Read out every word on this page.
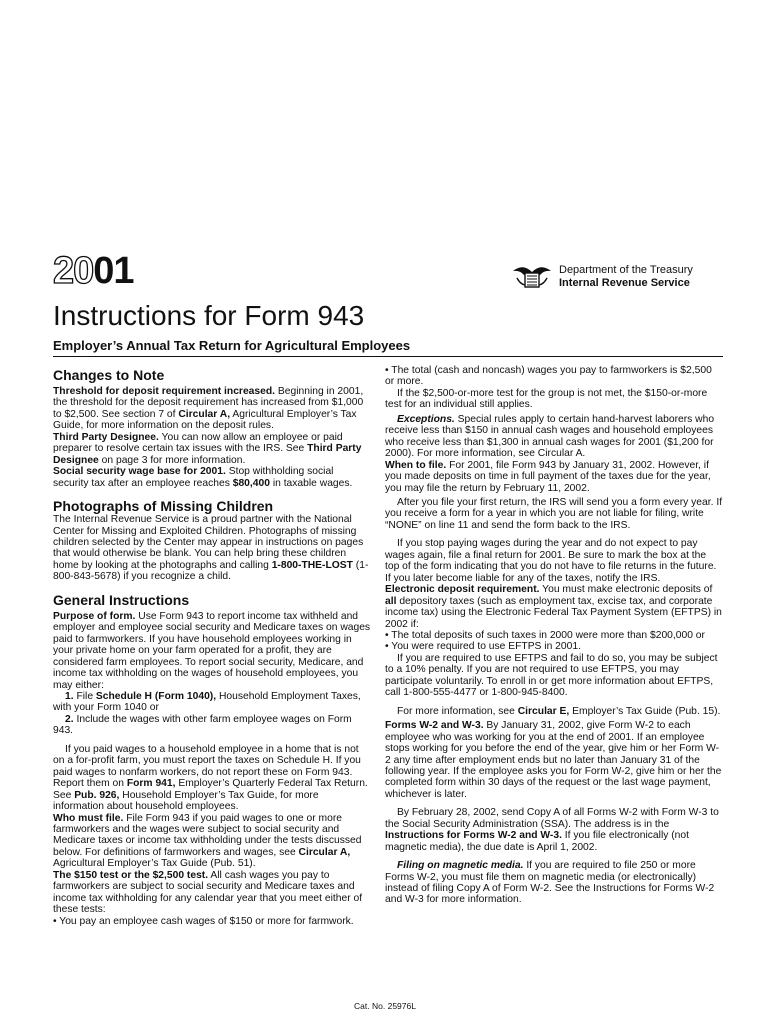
2001	Department of the Treasury
Internal Revenue Service
Instructions for Form 943
Employer’s Annual Tax Return for Agricultural Employees
Changes to Note

Threshold for deposit requirement increased. Beginning in 2001, the threshold for the deposit requirement has increased from $1,000 to $2,500. See section 7 of Circular A, Agricultural Employer’s Tax Guide, for more information on the deposit rules.

Third Party Designee. You can now allow an employee or paid preparer to resolve certain tax issues with the IRS. See Third Party Designee on page 3 for more information.

Social security wage base for 2001. Stop withholding social security tax after an employee reaches $80,400 in taxable wages.

Photographs of Missing Children

The Internal Revenue Service is a proud partner with the National Center for Missing and Exploited Children. Photographs of missing children selected by the Center may appear in instructions on pages that would otherwise be blank. You can help bring these children home by looking at the photographs and calling 1-800-THE-LOST (1-800-843-5678) if you recognize a child.

General Instructions

Purpose of form. Use Form 943 to report income tax withheld and employer and employee social security and Medicare taxes on wages paid to farmworkers. If you have household employees working in your private home on your farm operated for a profit, they are considered farm employees. To report social security, Medicare, and income tax withholding on the wages of household employees, you may either:

1. File Schedule H (Form 1040), Household Employment Taxes, with your Form 1040 or

2. Include the wages with other farm employee wages on Form 943.

If you paid wages to a household employee in a home that is not on a for-profit farm, you must report the taxes on Schedule H. If you paid wages to nonfarm workers, do not report these on Form 943. Report them on Form 941, Employer’s Quarterly Federal Tax Return. See Pub. 926, Household Employer’s Tax Guide, for more information about household employees.

Who must file. File Form 943 if you paid wages to one or more farmworkers and the wages were subject to social security and Medicare taxes or income tax withholding under the tests discussed below. For definitions of farmworkers and wages, see Circular A, Agricultural Employer’s Tax Guide (Pub. 51).

The $150 test or the $2,500 test. All cash wages you pay to farmworkers are subject to social security and Medicare taxes and income tax withholding for any calendar year that you meet either of these tests:

• You pay an employee cash wages of $150 or more for farmwork.

• The total (cash and noncash) wages you pay to farmworkers is $2,500 or more.

If the $2,500-or-more test for the group is not met, the $150-or-more test for an individual still applies.

Exceptions. Special rules apply to certain hand-harvest laborers who receive less than $150 in annual cash wages and household employees who receive less than $1,300 in annual cash wages for 2001 ($1,200 for 2000). For more information, see Circular A.

When to file. For 2001, file Form 943 by January 31, 2002. However, if you made deposits on time in full payment of the taxes due for the year, you may file the return by February 11, 2002.

After you file your first return, the IRS will send you a form every year. If you receive a form for a year in which you are not liable for filing, write “NONE” on line 11 and send the form back to the IRS.

If you stop paying wages during the year and do not expect to pay wages again, file a final return for 2001. Be sure to mark the box at the top of the form indicating that you do not have to file returns in the future. If you later become liable for any of the taxes, notify the IRS.

Electronic deposit requirement. You must make electronic deposits of all depository taxes (such as employment tax, excise tax, and corporate income tax) using the Electronic Federal Tax Payment System (EFTPS) in 2002 if:

• The total deposits of such taxes in 2000 were more than $200,000 or

• You were required to use EFTPS in 2001.

If you are required to use EFTPS and fail to do so, you may be subject to a 10% penalty. If you are not required to use EFTPS, you may participate voluntarily. To enroll in or get more information about EFTPS, call 1-800-555-4477 or 1-800-945-8400.

For more information, see Circular E, Employer’s Tax Guide (Pub. 15).

Forms W-2 and W-3. By January 31, 2002, give Form W-2 to each employee who was working for you at the end of 2001. If an employee stops working for you before the end of the year, give him or her Form W-2 any time after employment ends but no later than January 31 of the following year. If the employee asks you for Form W-2, give him or her the completed form within 30 days of the request or the last wage payment, whichever is later.

By February 28, 2002, send Copy A of all Forms W-2 with Form W-3 to the Social Security Administration (SSA). The address is in the Instructions for Forms W-2 and W-3. If you file electronically (not magnetic media), the due date is April 1, 2002.

Filing on magnetic media. If you are required to file 250 or more Forms W-2, you must file them on magnetic media (or electronically) instead of filing Copy A of Form W-2. See the Instructions for Forms W-2 and W-3 for more information.

Cat. No. 25976L
